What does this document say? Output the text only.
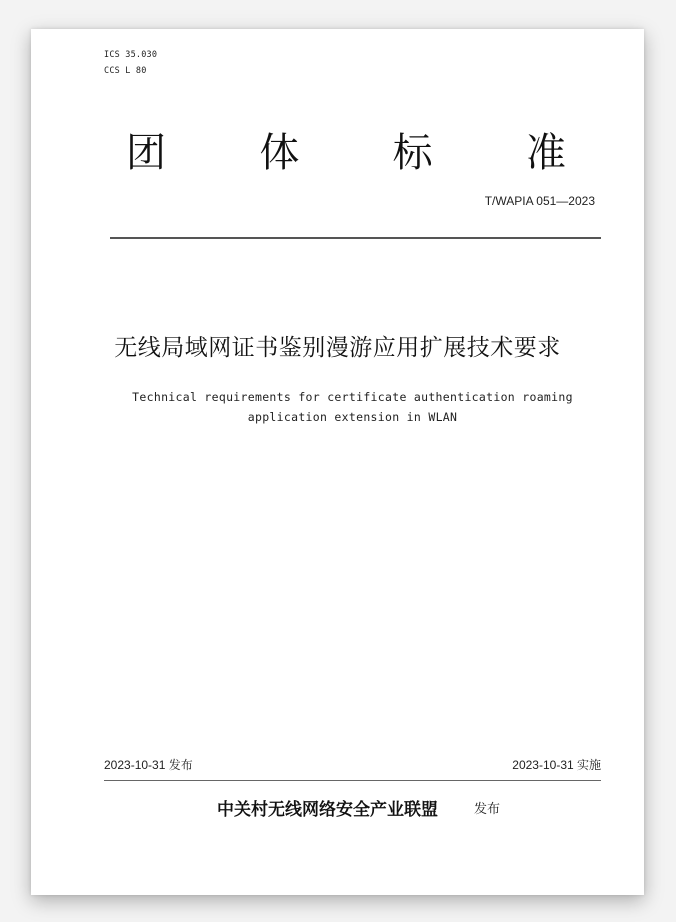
ICS 35.030
CCS L 80
团 体 标 准
T/WAPIA 051—2023
无线局域网证书鉴别漫游应用扩展技术要求
Technical requirements for certificate authentication roaming
application extension in WLAN
2023-10-31 发布	2023-10-31 实施
中关村无线网络安全产业联盟	发布
